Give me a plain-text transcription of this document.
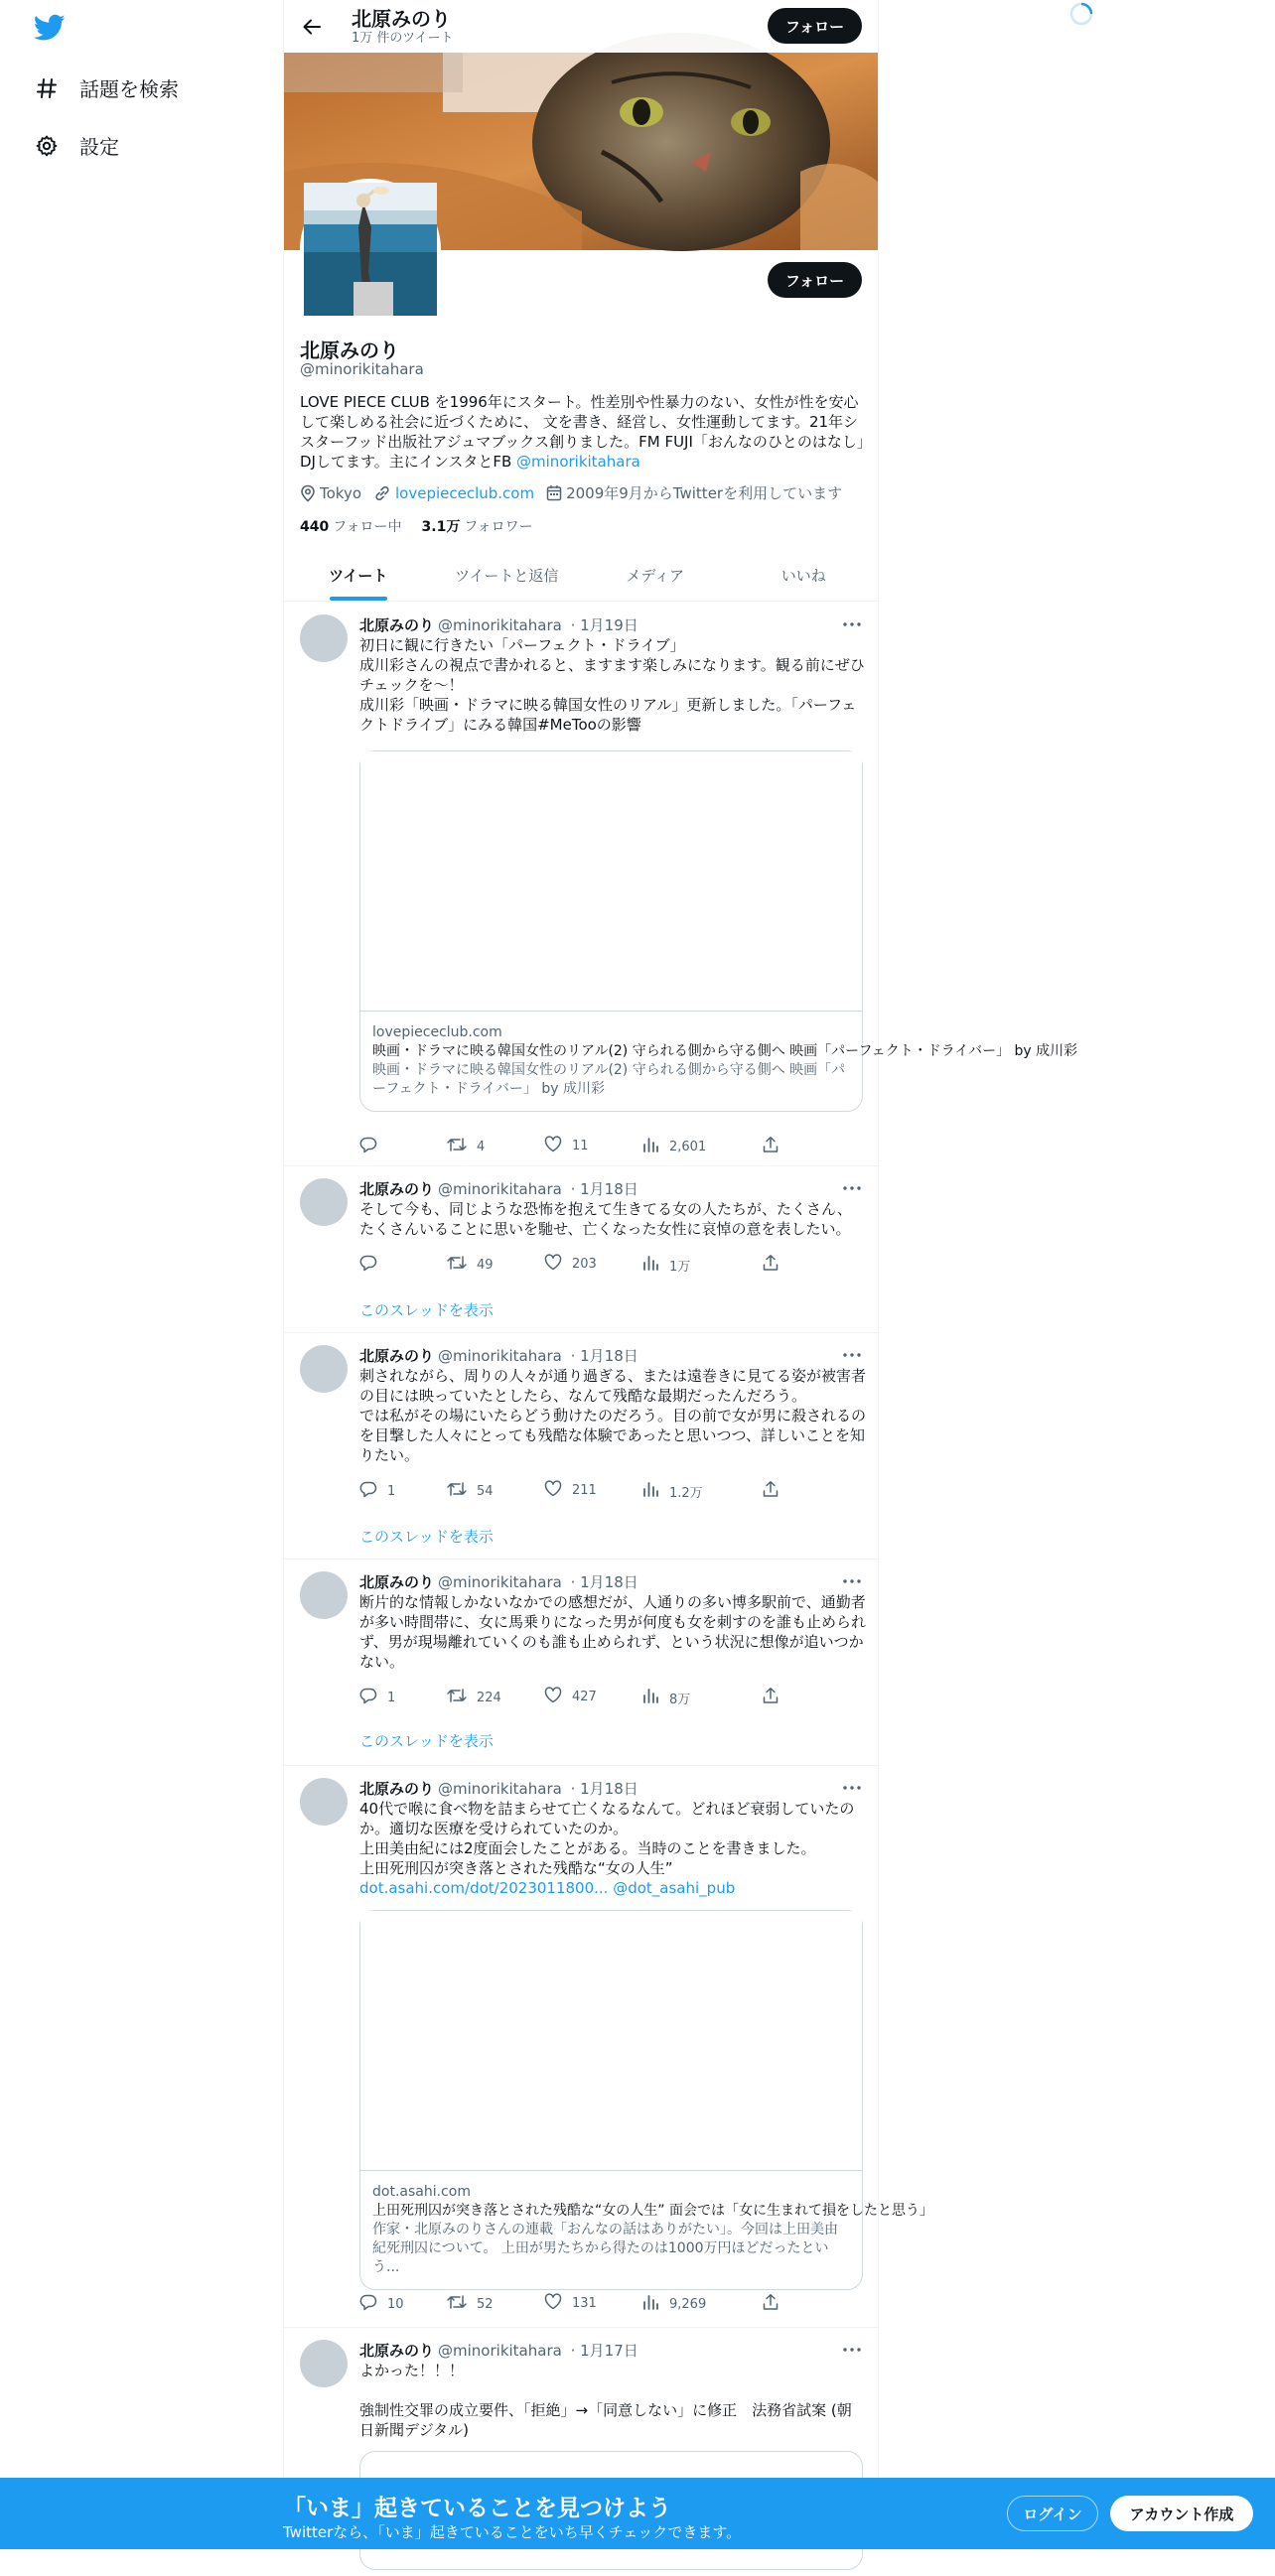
話題を検索
設定
北原みのり
1万 件のツイート
フォロー
フォロー
北原みのり
@minorikitahara
LOVE PIECE CLUB を1996年にスタート。性差別や性暴力のない、女性が性を安心して楽しめる社会に近づくために、 文を書き、経営し、女性運動してます。21年シスターフッド出版社アジュマブックス創りました。FM FUJI「おんなのひとのはなし」DJしてます。主にインスタとFB @minorikitahara
Tokyo lovepiececlub.com 2009年9月からTwitterを利用しています
440 フォロー中 3.1万 フォロワー
ツイート	ツイートと返信	メディア	いいね
北原みのり @minorikitahara · 1月19日
初日に観に行きたい「パーフェクト・ドライブ」
成川彩さんの視点で書かれると、ますます楽しみになります。観る前にぜひチェックを〜！
成川彩「映画・ドラマに映る韓国女性のリアル」更新しました。「パーフェクトドライブ」にみる韓国#MeTooの影響
lovepiececlub.com
映画・ドラマに映る韓国女性のリアル(2) 守られる側から守る側へ 映画「パーフェクト・ドライバー」 by 成川彩
映画・ドラマに映る韓国女性のリアル(2) 守られる側から守る側へ 映画「パーフェクト・ドライバー」 by 成川彩
4	11	2,601
北原みのり @minorikitahara · 1月18日
そして今も、同じような恐怖を抱えて生きてる女の人たちが、たくさん、たくさんいることに思いを馳せ、亡くなった女性に哀悼の意を表したい。
49	203	1万
このスレッドを表示
北原みのり @minorikitahara · 1月18日
刺されながら、周りの人々が通り過ぎる、または遠巻きに見てる姿が被害者の目には映っていたとしたら、なんて残酷な最期だったんだろう。
では私がその場にいたらどう動けたのだろう。目の前で女が男に殺されるのを目撃した人々にとっても残酷な体験であったと思いつつ、詳しいことを知りたい。
1	54	211	1.2万
このスレッドを表示
北原みのり @minorikitahara · 1月18日
断片的な情報しかないなかでの感想だが、人通りの多い博多駅前で、通勤者が多い時間帯に、女に馬乗りになった男が何度も女を刺すのを誰も止められず、男が現場離れていくのも誰も止められず、という状況に想像が追いつかない。
1	224	427	8万
このスレッドを表示
北原みのり @minorikitahara · 1月18日
40代で喉に食べ物を詰まらせて亡くなるなんて。どれほど衰弱していたのか。適切な医療を受けられていたのか。
上田美由紀には2度面会したことがある。当時のことを書きました。
上田死刑囚が突き落とされた残酷な“女の人生”
dot.asahi.com/dot/2023011800... @dot_asahi_pub
dot.asahi.com
上田死刑囚が突き落とされた残酷な“女の人生” 面会では「女に生まれて損をしたと思う」
作家・北原みのりさんの連載「おんなの話はありがたい」。今回は上田美由紀死刑囚について。 上田が男たちから得たのは1000万円ほどだったという...
10	52	131	9,269
北原みのり @minorikitahara · 1月17日
よかった！！！

強制性交罪の成立要件、「拒絶」→「同意しない」に修正　法務省試案 (朝日新聞デジタル)
「いま」起きていることを見つけよう
Twitterなら、「いま」起きていることをいち早くチェックできます。
ログイン	アカウント作成
